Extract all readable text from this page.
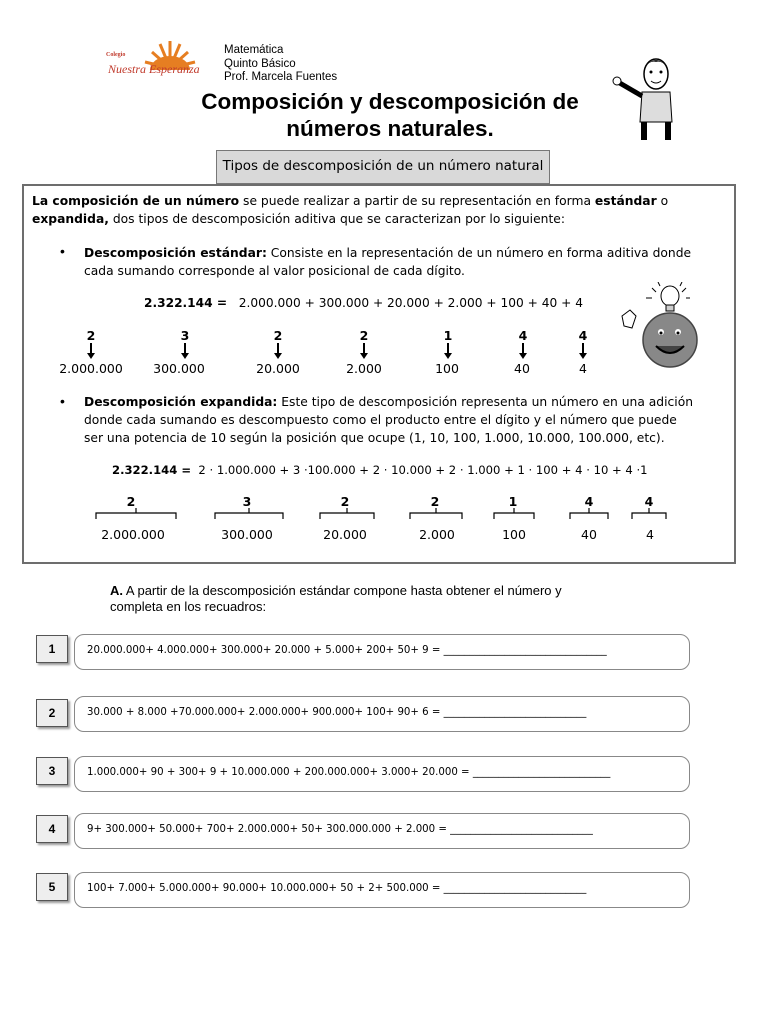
Colegio
Nuestra Esperanza
Matemática
Quinto Básico
Prof. Marcela Fuentes
Composición y descomposición de
números naturales.
Tipos de descomposición de un número natural
La composición de un número se puede realizar a partir de su representación en forma estándar o
expandida, dos tipos de descomposición aditiva que se caracterizan por lo siguiente:
• Descomposición estándar: Consiste en la representación de un número en forma aditiva donde
cada sumando corresponde al valor posicional de cada dígito.
2.322.144 = 2.000.000 + 300.000 + 20.000 + 2.000 + 100 + 40 + 4
2
2.000.000
3
300.000
2
20.000
2
2.000
1
100
4
40
4
4
• Descomposición expandida: Este tipo de descomposición representa un número en una adición
donde cada sumando es descompuesto como el producto entre el dígito y el número que puede
ser una potencia de 10 según la posición que ocupe (1, 10, 100, 1.000, 10.000, 100.000, etc).
2.322.144 = 2 · 1.000.000 + 3 ·100.000 + 2 · 10.000 + 2 · 1.000 + 1 · 100 + 4 · 10 + 4 ·1
2
2.000.000
3
300.000
2
20.000
2
2.000
1
100
4
40
4
4
A. A partir de la descomposición estándar compone hasta obtener el número y
completa en los recuadros:
1	20.000.000+ 4.000.000+ 300.000+ 20.000 + 5.000+ 200+ 50+ 9 = ________________________________
2	30.000 + 8.000 +70.000.000+ 2.000.000+ 900.000+ 100+ 90+ 6 = ____________________________
3	1.000.000+ 90 + 300+ 9 + 10.000.000 + 200.000.000+ 3.000+ 20.000 = ___________________________
4	9+ 300.000+ 50.000+ 700+ 2.000.000+ 50+ 300.000.000 + 2.000 = ____________________________
5	100+ 7.000+ 5.000.000+ 90.000+ 10.000.000+ 50 + 2+ 500.000 = ____________________________
